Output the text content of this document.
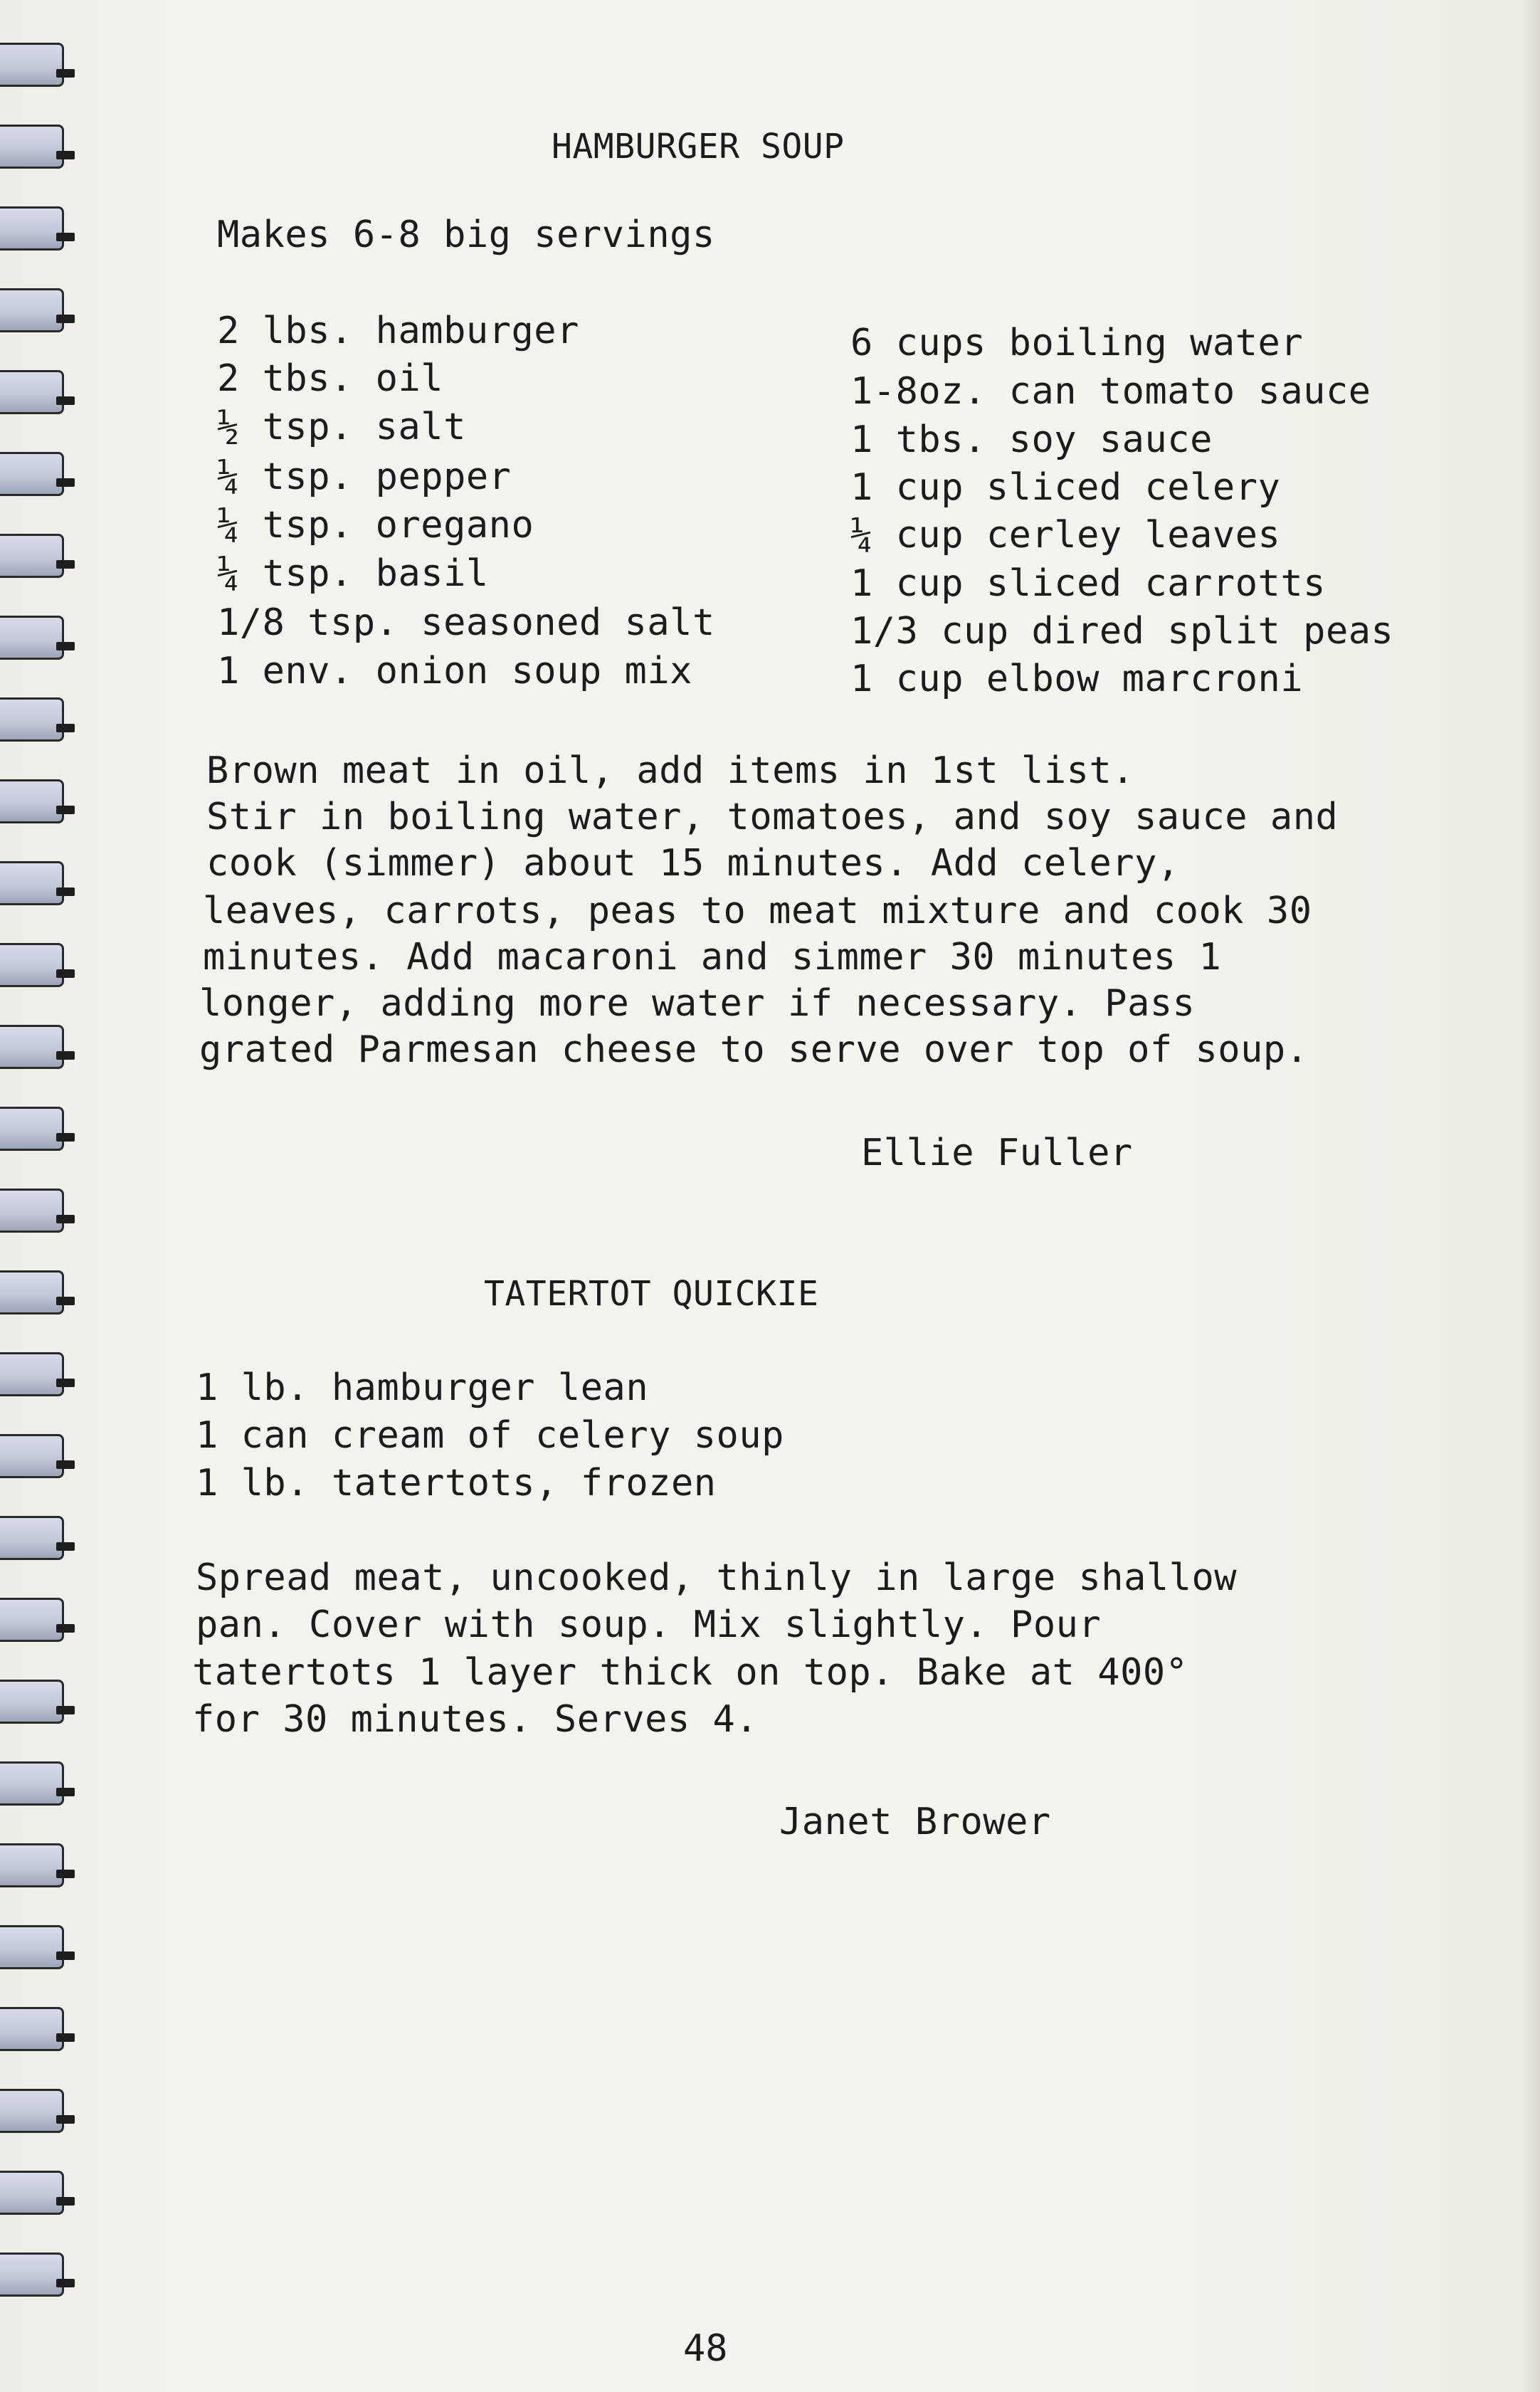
HAMBURGER SOUP
Makes 6-8 big servings
2 lbs. hamburger
2 tbs. oil
½ tsp. salt
¼ tsp. pepper
¼ tsp. oregano
¼ tsp. basil
1/8 tsp. seasoned salt
1 env. onion soup mix
6 cups boiling water
1-8oz. can tomato sauce
1 tbs. soy sauce
1 cup sliced celery
¼ cup cerley leaves
1 cup sliced carrotts
1/3 cup dired split peas
1 cup elbow marcroni
Brown meat in oil, add items in 1st list.
Stir in boiling water, tomatoes, and soy sauce and
cook (simmer) about 15 minutes. Add celery,
leaves, carrots, peas to meat mixture and cook 30
minutes. Add macaroni and simmer 30 minutes 1
longer, adding more water if necessary. Pass
grated Parmesan cheese to serve over top of soup.
Ellie Fuller
TATERTOT QUICKIE
1 lb. hamburger lean
1 can cream of celery soup
1 lb. tatertots, frozen
Spread meat, uncooked, thinly in large shallow
pan. Cover with soup. Mix slightly. Pour
tatertots 1 layer thick on top. Bake at 400°
for 30 minutes. Serves 4.
Janet Brower
48
